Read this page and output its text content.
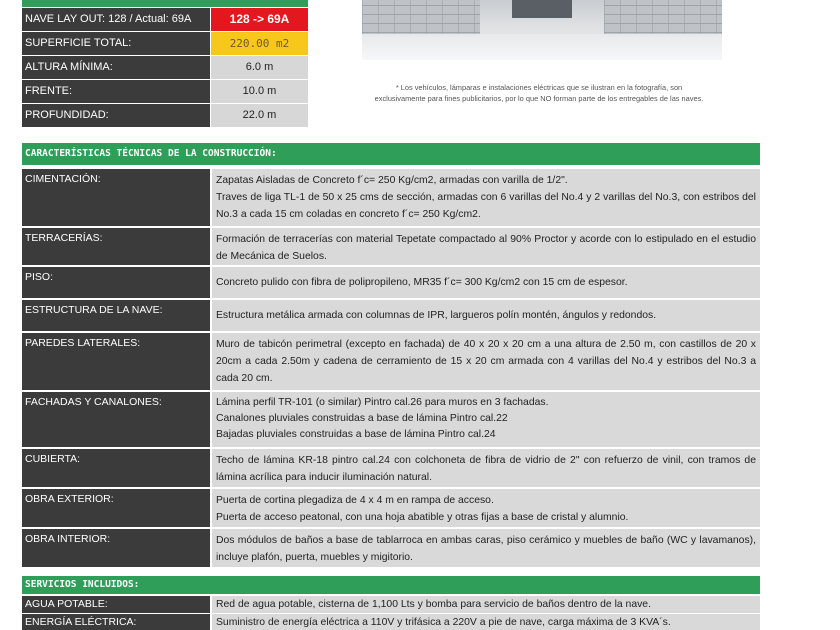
NAVE LAY OUT: 128 / Actual: 69A	128 -> 69A
SUPERFICIE TOTAL:	220.00 m2
ALTURA MÍNIMA:	6.0 m
FRENTE:	10.0 m
PROFUNDIDAD:	22.0 m
* Los vehículos, lámparas e instalaciones eléctricas que se ilustran en la fotografía, son
exclusivamente para fines publicitarios, por lo que NO forman parte de los entregables de las naves.
CARACTERÍSTICAS TÉCNICAS DE LA CONSTRUCCIÓN:
CIMENTACIÓN:	Zapatas Aisladas de Concreto f´c= 250 Kg/cm2, armadas con varilla de 1/2".
Traves de liga TL-1 de 50 x 25 cms de sección, armadas con 6 varillas del No.4 y 2 varillas del No.3, con estribos del No.3 a cada 15 cm coladas en concreto f´c= 250 Kg/cm2.
TERRACERÍAS:	Formación de terracerías con material Tepetate compactado al 90% Proctor y acorde con lo estipulado en el estudio de Mecánica de Suelos.
PISO:	Concreto pulido con fibra de polipropileno, MR35 f´c= 300 Kg/cm2 con 15 cm de espesor.
ESTRUCTURA DE LA NAVE:	Estructura metálica armada con columnas de IPR, largueros polín montén, ángulos y redondos.
PAREDES LATERALES:	Muro de tabicón perimetral (excepto en fachada) de 40 x 20 x 20 cm a una altura de 2.50 m, con castillos de 20 x 20cm a cada 2.50m y cadena de cerramiento de 15 x 20 cm armada con 4 varillas del No.4 y estribos del No.3 a cada 20 cm.
FACHADAS Y CANALONES:	Lámina perfil TR-101 (o similar) Pintro cal.26 para muros en 3 fachadas.
Canalones pluviales construidas a base de lámina Pintro cal.22
Bajadas pluviales construidas a base de lámina Pintro cal.24
CUBIERTA:	Techo de lámina KR-18 pintro cal.24 con colchoneta de fibra de vidrio de 2" con refuerzo de vinil, con tramos de lámina acrílica para inducir iluminación natural.
OBRA EXTERIOR:	Puerta de cortina plegadiza de 4 x 4 m en rampa de acceso.
Puerta de acceso peatonal, con una hoja abatible y otras fijas a base de cristal y alumnio.
OBRA INTERIOR:	Dos módulos de baños a base de tablarroca en ambas caras, piso cerámico y muebles de baño (WC y lavamanos), incluye plafón, puerta, muebles y migitorio.
SERVICIOS INCLUIDOS:
AGUA POTABLE:	Red de agua potable, cisterna de 1,100 Lts y bomba para servicio de baños dentro de la nave.
ENERGÍA ELÉCTRICA:	Suministro de energía eléctrica a 110V y trifásica a 220V a pie de nave, carga máxima de 3 KVA´s.
